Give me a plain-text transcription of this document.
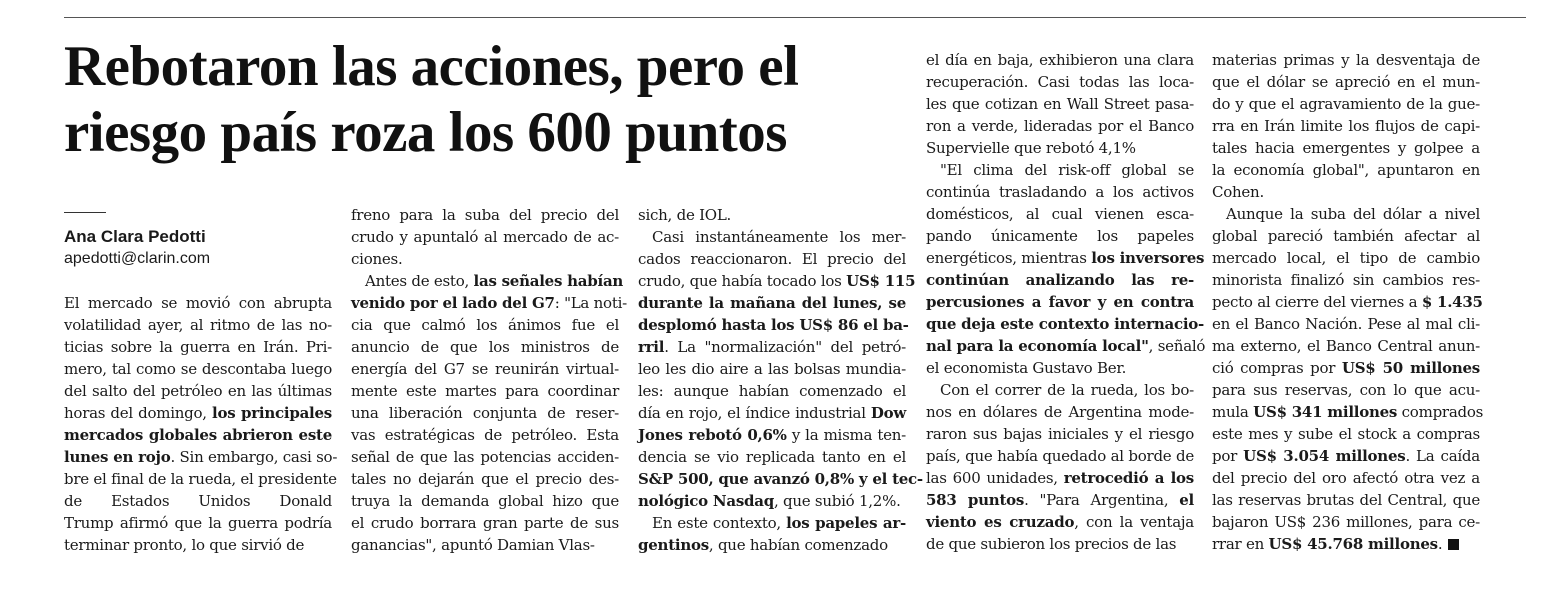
Rebotaron las acciones, pero el
riesgo país roza los 600 puntos
Ana Clara Pedotti
apedotti@clarin.com
El mercado se movió con abrupta
volatilidad ayer, al ritmo de las no-
ticias sobre la guerra en Irán. Pri-
mero, tal como se descontaba luego
del salto del petróleo en las últimas
horas del domingo, los principales
mercados globales abrieron este
lunes en rojo. Sin embargo, casi so-
bre el final de la rueda, el presidente
de Estados Unidos Donald
Trump afirmó que la guerra podría
terminar pronto, lo que sirvió de
freno para la suba del precio del
crudo y apuntaló al mercado de ac-
ciones.
Antes de esto, las señales habían
venido por el lado del G7: "La noti-
cia que calmó los ánimos fue el
anuncio de que los ministros de
energía del G7 se reunirán virtual-
mente este martes para coordinar
una liberación conjunta de reser-
vas estratégicas de petróleo. Esta
señal de que las potencias acciden-
tales no dejarán que el precio des-
truya la demanda global hizo que
el crudo borrara gran parte de sus
ganancias", apuntó Damian Vlas-
sich, de IOL.
Casi instantáneamente los mer-
cados reaccionaron. El precio del
crudo, que había tocado los US$ 115
durante la mañana del lunes, se
desplomó hasta los US$ 86 el ba-
rril. La "normalización" del petró-
leo les dio aire a las bolsas mundia-
les: aunque habían comenzado el
día en rojo, el índice industrial Dow
Jones rebotó 0,6% y la misma ten-
dencia se vio replicada tanto en el
S&P 500, que avanzó 0,8% y el tec-
nológico Nasdaq, que subió 1,2%.
En este contexto, los papeles ar-
gentinos, que habían comenzado
el día en baja, exhibieron una clara
recuperación. Casi todas las loca-
les que cotizan en Wall Street pasa-
ron a verde, lideradas por el Banco
Supervielle que rebotó 4,1%
"El clima del risk-off global se
continúa trasladando a los activos
domésticos, al cual vienen esca-
pando únicamente los papeles
energéticos, mientras los inversores
continúan analizando las re-
percusiones a favor y en contra
que deja este contexto internacio-
nal para la economía local", señaló
el economista Gustavo Ber.
Con el correr de la rueda, los bo-
nos en dólares de Argentina mode-
raron sus bajas iniciales y el riesgo
país, que había quedado al borde de
las 600 unidades, retrocedió a los
583 puntos. "Para Argentina, el
viento es cruzado, con la ventaja
de que subieron los precios de las
materias primas y la desventaja de
que el dólar se apreció en el mun-
do y que el agravamiento de la gue-
rra en Irán limite los flujos de capi-
tales hacia emergentes y golpee a
la economía global", apuntaron en
Cohen.
Aunque la suba del dólar a nivel
global pareció también afectar al
mercado local, el tipo de cambio
minorista finalizó sin cambios res-
pecto al cierre del viernes a $ 1.435
en el Banco Nación. Pese al mal cli-
ma externo, el Banco Central anun-
ció compras por US$ 50 millones
para sus reservas, con lo que acu-
mula US$ 341 millones comprados
este mes y sube el stock a compras
por US$ 3.054 millones. La caída
del precio del oro afectó otra vez a
las reservas brutas del Central, que
bajaron US$ 236 millones, para ce-
rrar en US$ 45.768 millones.
